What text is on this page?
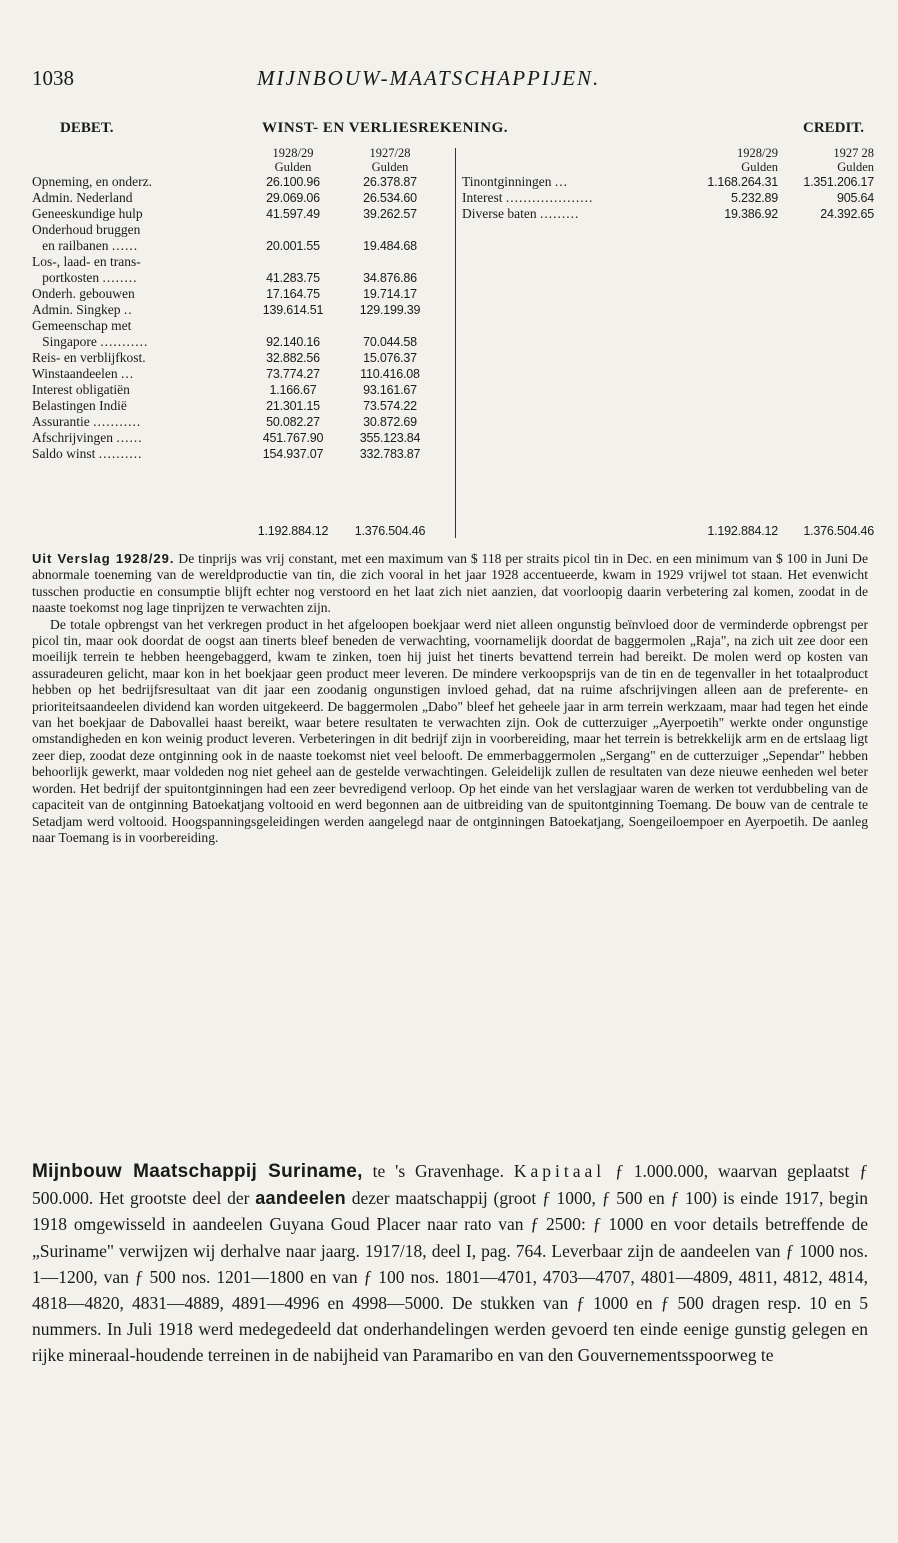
1038	MIJNBOUW-MAATSCHAPPIJEN.
DEBET.	WINST- EN VERLIESREKENING.	CREDIT.
1928/29	1927/28
Gulden	Gulden
Opneming, en onderz.	26.100.96	26.378.87
Admin. Nederland	29.069.06	26.534.60
Geneeskundige hulp	41.597.49	39.262.57
Onderhoud bruggen
en railbanen ......	20.001.55	19.484.68
Los-, laad- en trans-
portkosten ........	41.283.75	34.876.86
Onderh. gebouwen	17.164.75	19.714.17
Admin. Singkep ..	139.614.51	129.199.39
Gemeenschap met
Singapore ...........	92.140.16	70.044.58
Reis- en verblijfkost.	32.882.56	15.076.37
Winstaandeelen ...	73.774.27	110.416.08
Interest obligatiën	1.166.67	93.161.67
Belastingen Indië	21.301.15	73.574.22
Assurantie ...........	50.082.27	30.872.69
Afschrijvingen ......	451.767.90	355.123.84
Saldo winst ..........	154.937.07	332.783.87
1928/29	1927 28
Gulden	Gulden
Tinontginningen ...	1.168.264.31	1.351.206.17
Interest ....................	5.232.89	905.64
Diverse baten .........	19.386.92	24.392.65
1.192.884.12	1.376.504.46	1.192.884.12	1.376.504.46

Uit Verslag 1928/29. De tinprijs was vrij constant, met een maximum van $ 118 per straits picol tin in Dec. en een minimum van $ 100 in Juni De abnormale toeneming van de wereldproductie van tin, die zich vooral in het jaar 1928 accentueerde, kwam in 1929 vrijwel tot staan. Het evenwicht tusschen productie en consumptie blijft echter nog verstoord en het laat zich niet aanzien, dat voorloopig daarin verbetering zal komen, zoodat in de naaste toekomst nog lage tinprijzen te verwachten zijn.

De totale opbrengst van het verkregen product in het afgeloopen boekjaar werd niet alleen ongunstig beïnvloed door de verminderde opbrengst per picol tin, maar ook doordat de oogst aan tinerts bleef beneden de verwachting, voornamelijk doordat de baggermolen „Raja", na zich uit zee door een moeilijk terrein te hebben heengebaggerd, kwam te zinken, toen hij juist het tinerts bevattend terrein had bereikt. De molen werd op kosten van assuradeuren gelicht, maar kon in het boekjaar geen product meer leveren. De mindere verkoopsprijs van de tin en de tegenvaller in het totaalproduct hebben op het bedrijfsresultaat van dit jaar een zoodanig ongunstigen invloed gehad, dat na ruime afschrijvingen alleen aan de preferente- en prioriteitsaandeelen dividend kan worden uitgekeerd. De baggermolen „Dabo" bleef het geheele jaar in arm terrein werkzaam, maar had tegen het einde van het boekjaar de Dabovallei haast bereikt, waar betere resultaten te verwachten zijn. Ook de cutterzuiger „Ayerpoetih" werkte onder ongunstige omstandigheden en kon weinig product leveren. Verbeteringen in dit bedrijf zijn in voorbereiding, maar het terrein is betrekkelijk arm en de ertslaag ligt zeer diep, zoodat deze ontginning ook in de naaste toekomst niet veel belooft. De emmerbaggermolen „Sergang" en de cutterzuiger „Sependar" hebben behoorlijk gewerkt, maar voldeden nog niet geheel aan de gestelde verwachtingen. Geleidelijk zullen de resultaten van deze nieuwe eenheden wel beter worden. Het bedrijf der spuitontginningen had een zeer bevredigend verloop. Op het einde van het verslagjaar waren de werken tot verdubbeling van de capaciteit van de ontginning Batoekatjang voltooid en werd begonnen aan de uitbreiding van de spuitontginning Toemang. De bouw van de centrale te Setadjam werd voltooid. Hoogspanningsgeleidingen werden aangelegd naar de ontginningen Batoekatjang, Soengeiloempoer en Ayerpoetih. De aanleg naar Toemang is in voorbereiding.

Mijnbouw Maatschappij Suriname, te 's Gravenhage. Kapitaal ƒ 1.000.000, waarvan geplaatst ƒ 500.000. Het grootste deel der aandeelen dezer maatschappij (groot ƒ 1000, ƒ 500 en ƒ 100) is einde 1917, begin 1918 omgewisseld in aandeelen Guyana Goud Placer naar rato van ƒ 2500: ƒ 1000 en voor details betreffende de „Suriname" verwijzen wij derhalve naar jaarg. 1917/18, deel I, pag. 764. Leverbaar zijn de aandeelen van ƒ 1000 nos. 1—1200, van ƒ 500 nos. 1201—1800 en van ƒ 100 nos. 1801—4701, 4703—4707, 4801—4809, 4811, 4812, 4814, 4818—4820, 4831—4889, 4891—4996 en 4998—5000. De stukken van ƒ 1000 en ƒ 500 dragen resp. 10 en 5 nummers. In Juli 1918 werd medegedeeld dat onderhandelingen werden gevoerd ten einde eenige gunstig gelegen en rijke mineraal-houdende terreinen in de nabijheid van Paramaribo en van den Gouvernementsspoorweg te
